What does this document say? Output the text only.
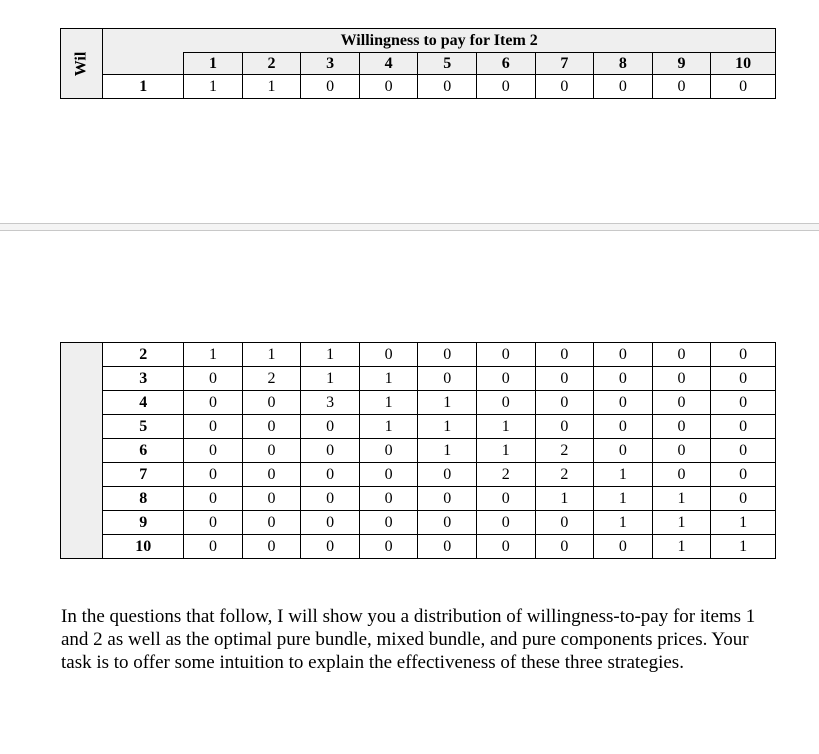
Wil	Willingness to pay for Item 2										
		1	2	3	4	5	6	7	8	9	10
	1	1	1	0	0	0	0	0	0	0	0
	2	1	1	1	0	0	0	0	0	0	0
	3	0	2	1	1	0	0	0	0	0	0
	4	0	0	3	1	1	0	0	0	0	0
	5	0	0	0	1	1	1	0	0	0	0
	6	0	0	0	0	1	1	2	0	0	0
	7	0	0	0	0	0	2	2	1	0	0
	8	0	0	0	0	0	0	1	1	1	0
	9	0	0	0	0	0	0	0	1	1	1
	10	0	0	0	0	0	0	0	0	1	1

In the questions that follow, I will show you a distribution of willingness-to-pay for items 1 and 2 as well as the optimal pure bundle, mixed bundle, and pure components prices. Your task is to offer some intuition to explain the effectiveness of these three strategies.
